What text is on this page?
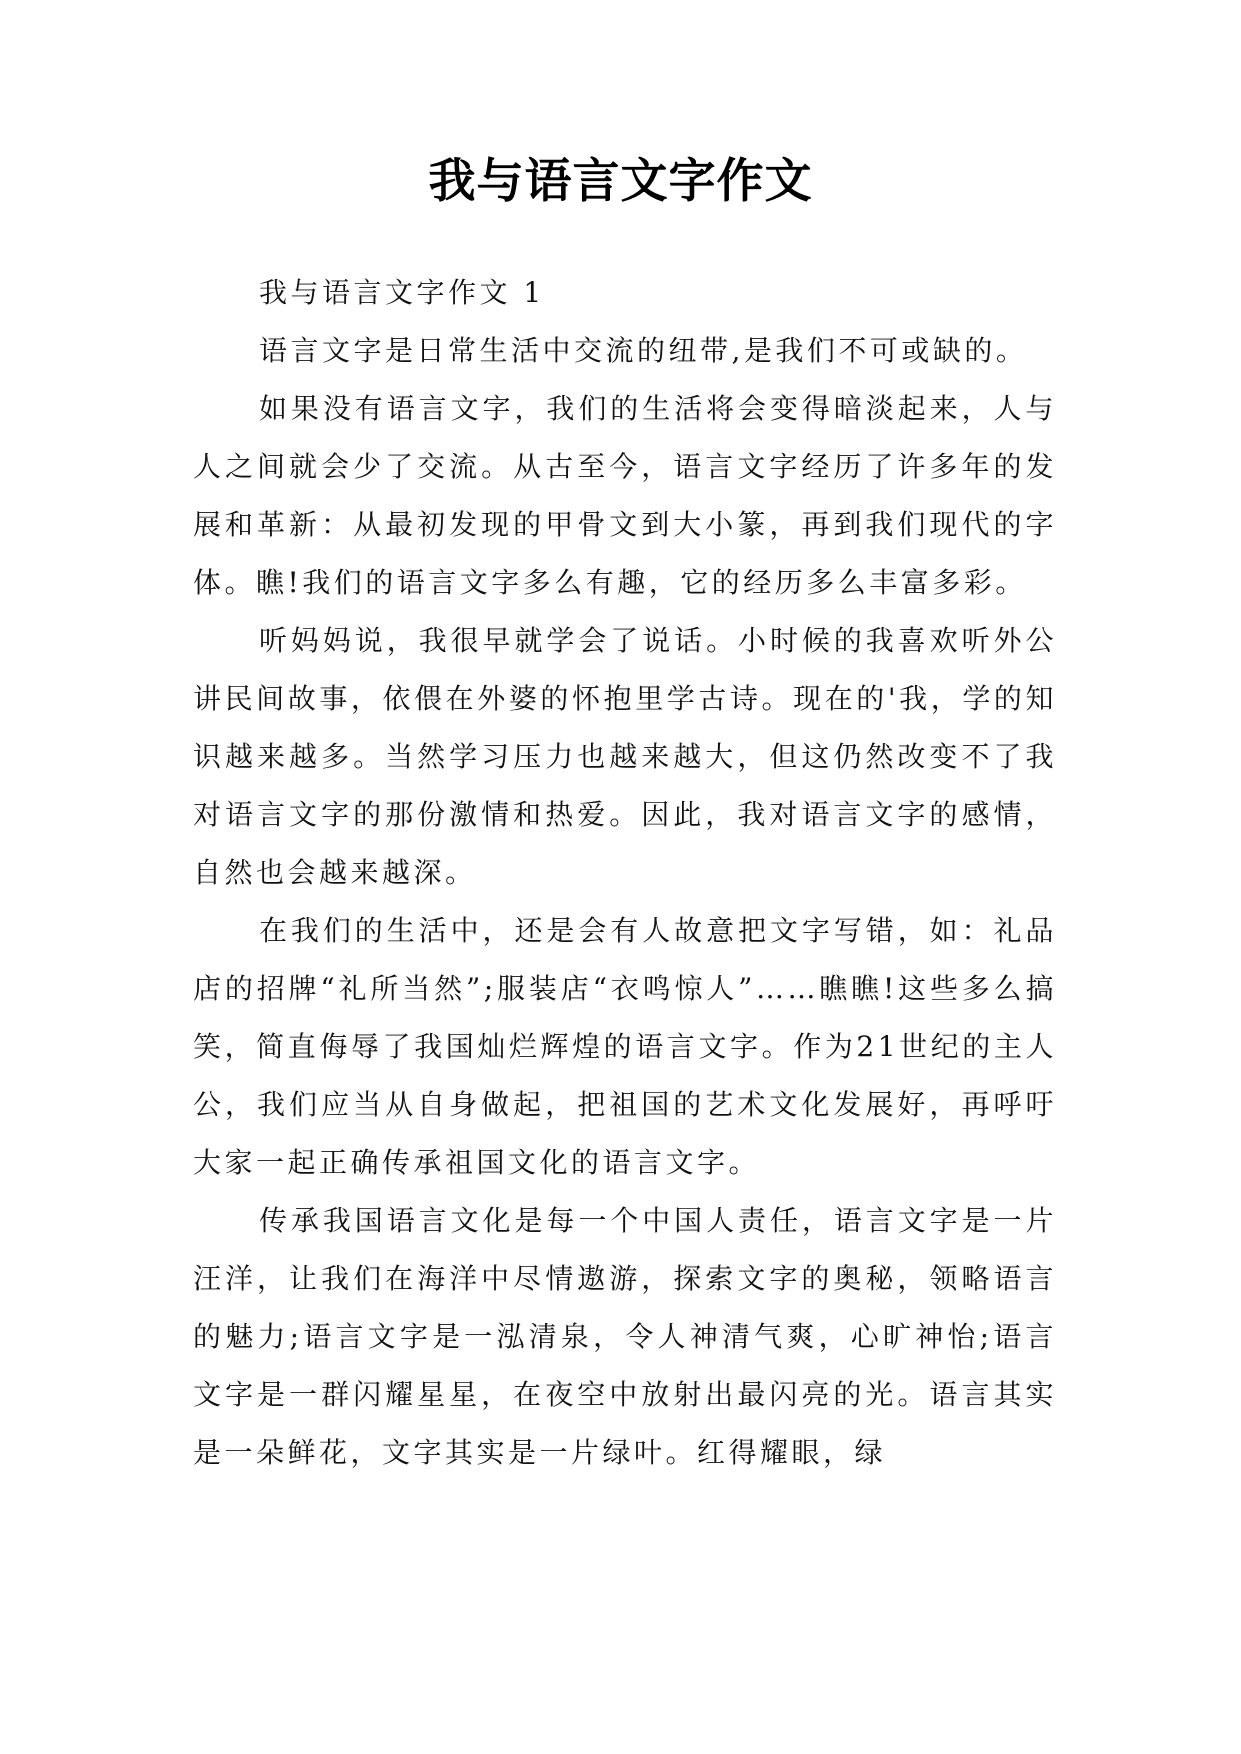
我与语言文字作文

我与语言文字作文 1

语言文字是日常生活中交流的纽带,是我们不可或缺的。

如果没有语言文字，我们的生活将会变得暗淡起来，人与人之间就会少了交流。从古至今，语言文字经历了许多年的发展和革新：从最初发现的甲骨文到大小篆，再到我们现代的字体。瞧!我们的语言文字多么有趣，它的经历多么丰富多彩。

听妈妈说，我很早就学会了说话。小时候的我喜欢听外公讲民间故事，依偎在外婆的怀抱里学古诗。现在的'我，学的知识越来越多。当然学习压力也越来越大，但这仍然改变不了我对语言文字的那份激情和热爱。因此，我对语言文字的感情，自然也会越来越深。

在我们的生活中，还是会有人故意把文字写错，如：礼品店的招牌“礼所当然”;服装店“衣鸣惊人”……瞧瞧!这些多么搞笑，简直侮辱了我国灿烂辉煌的语言文字。作为21世纪的主人公，我们应当从自身做起，把祖国的艺术文化发展好，再呼吁大家一起正确传承祖国文化的语言文字。

传承我国语言文化是每一个中国人责任，语言文字是一片汪洋，让我们在海洋中尽情遨游，探索文字的奥秘，领略语言的魅力;语言文字是一泓清泉，令人神清气爽，心旷神怡;语言文字是一群闪耀星星，在夜空中放射出最闪亮的光。语言其实是一朵鲜花，文字其实是一片绿叶。红得耀眼，绿
